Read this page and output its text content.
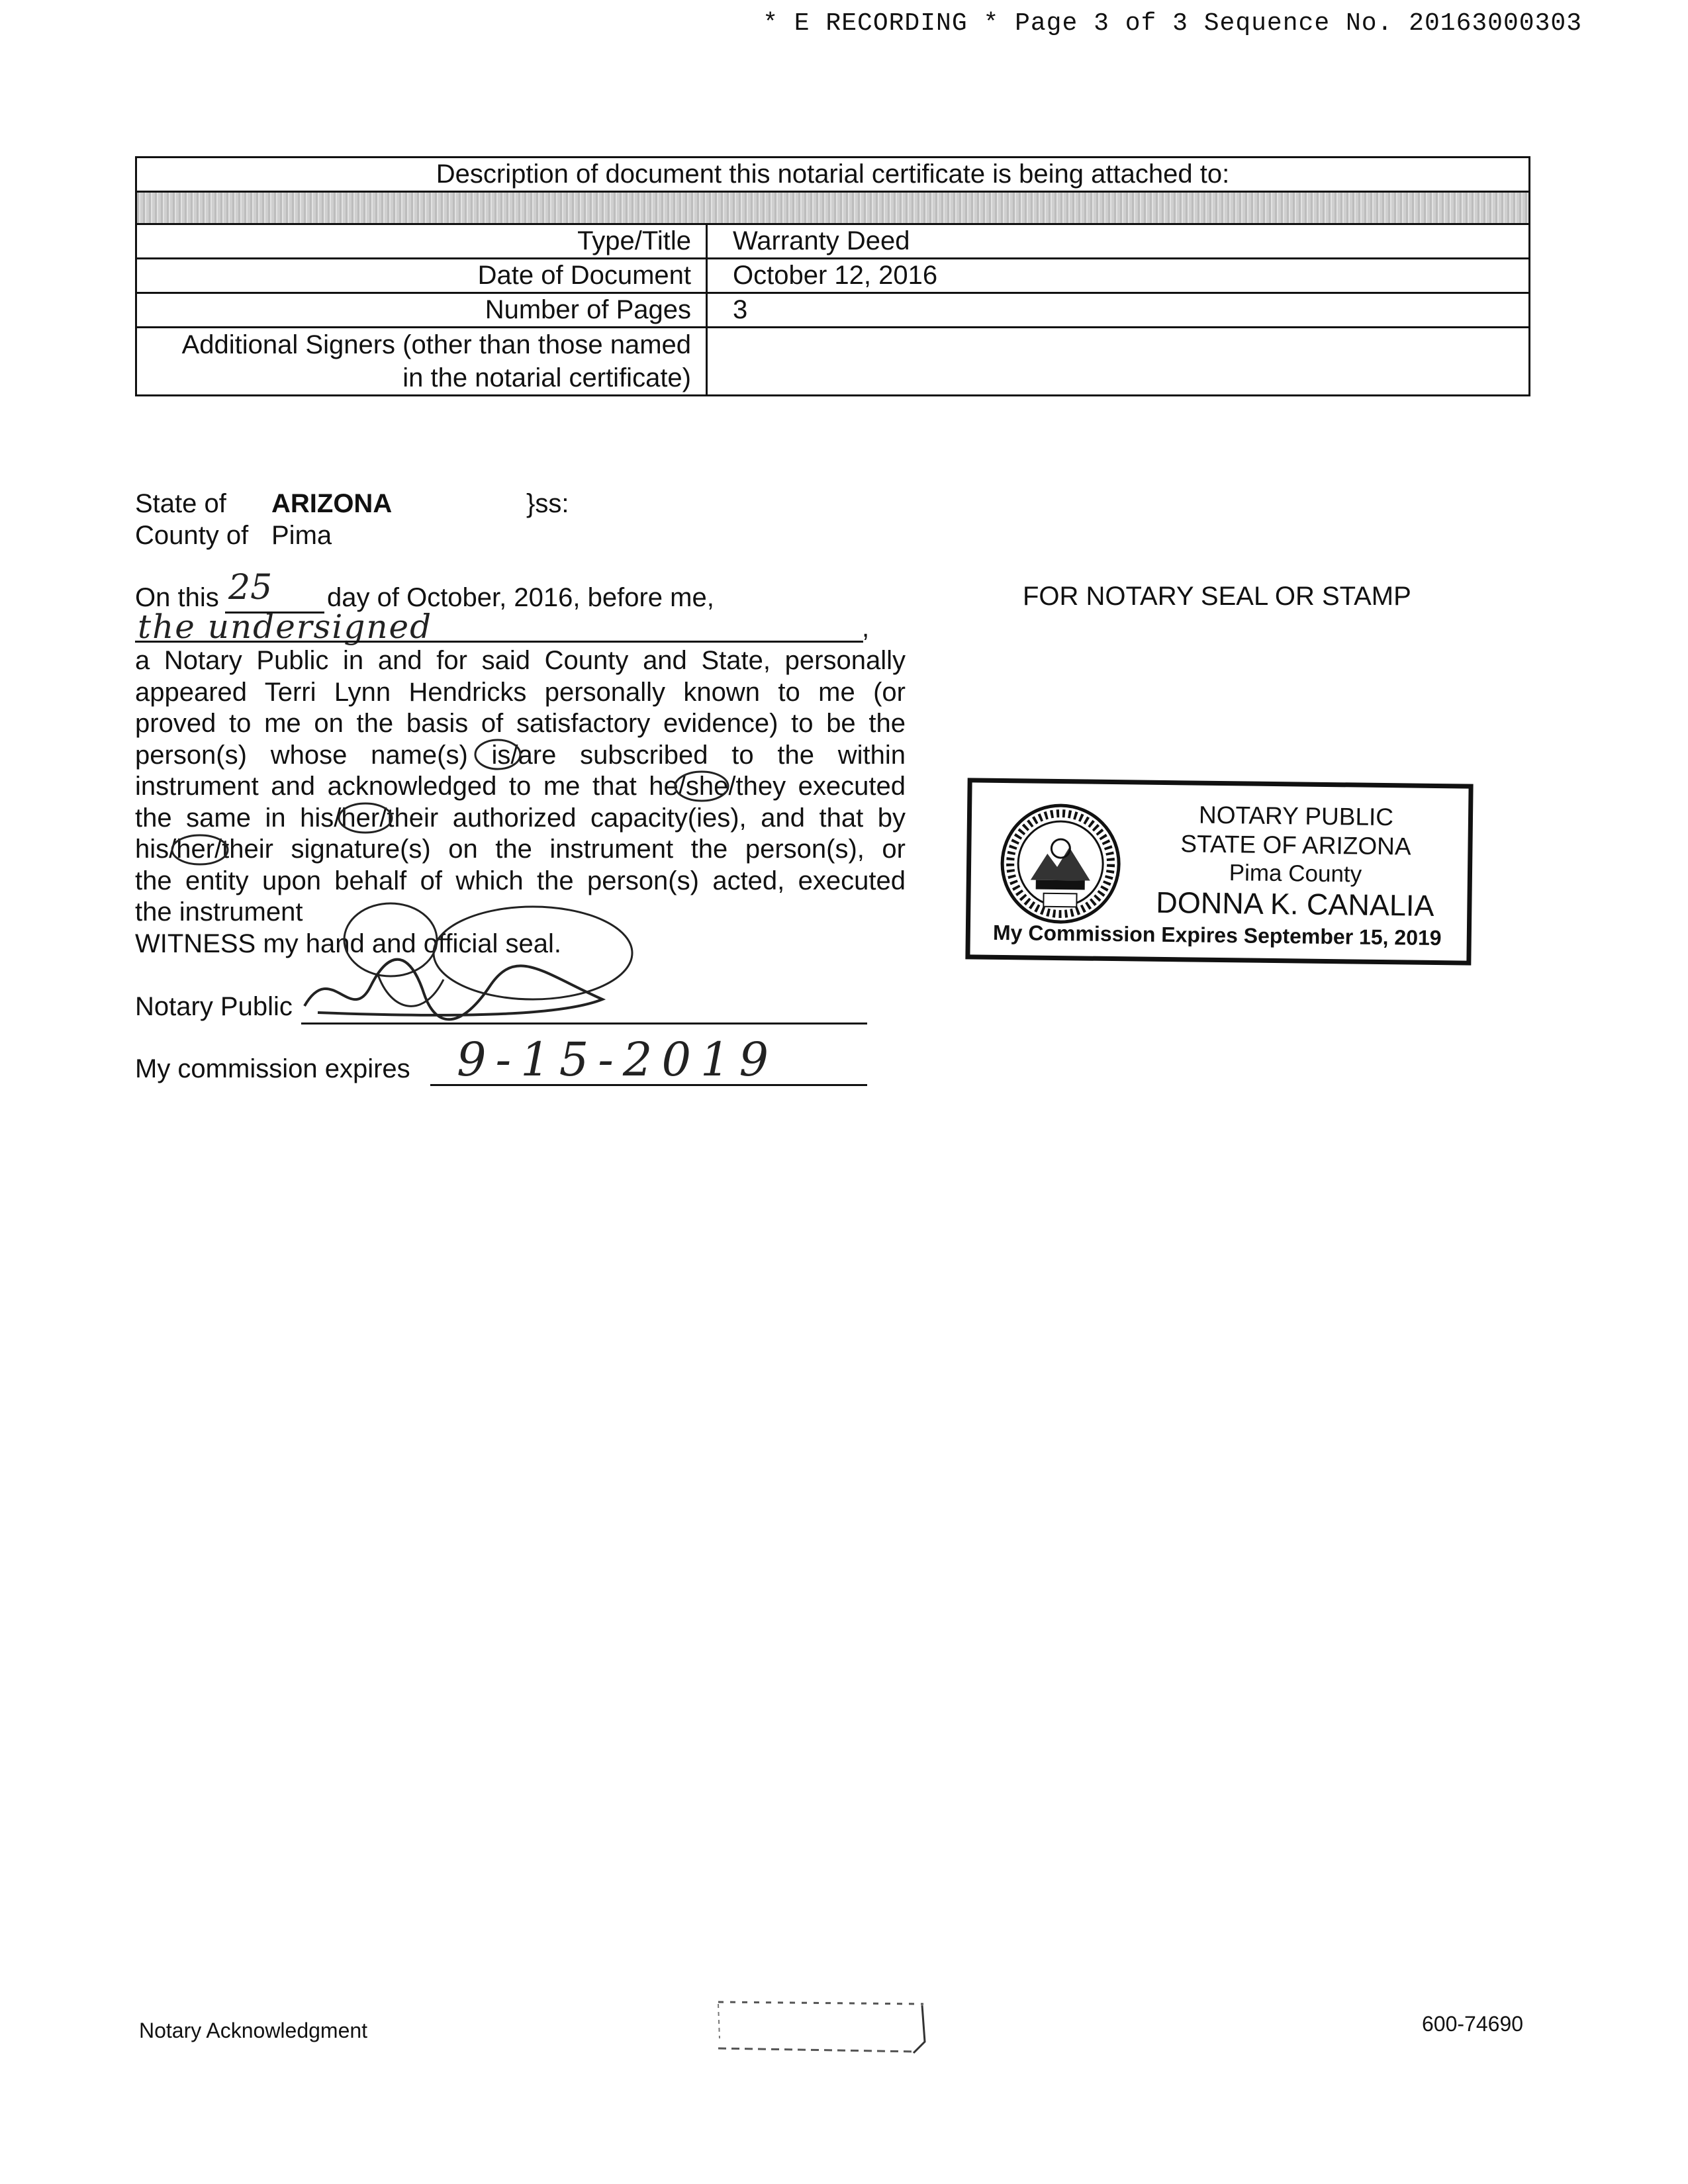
* E RECORDING * Page 3 of 3 Sequence No. 20163000303
Description of document this notarial certificate is being attached to:	

Type/Title	Warranty Deed
Date of Document	October 12, 2016
Number of Pages	3
Additional Signers (other than those named
in the notarial certificate)	
State of ARIZONA	}ss:
County of Pima
On this 25 day of October, 2016, before me,
the undersigned	,
a Notary Public in and for said County and State, personally
appeared Terri Lynn Hendricks personally known to me (or
proved to me on the basis of satisfactory evidence) to be the
person(s) whose name(s) is/are subscribed to the within
instrument and acknowledged to me that he/she/they executed
the same in his/her/their authorized capacity(ies), and that by
his/her/their signature(s) on the instrument the person(s), or
the entity upon behalf of which the person(s) acted, executed
the instrument
WITNESS my hand and official seal.
Notary Public
My commission expires 9-15-2019
FOR NOTARY SEAL OR STAMP
NOTARY PUBLIC
STATE OF ARIZONA
Pima County
DONNA K. CANALIA
My Commission Expires September 15, 2019
Notary Acknowledgment	600-74690
